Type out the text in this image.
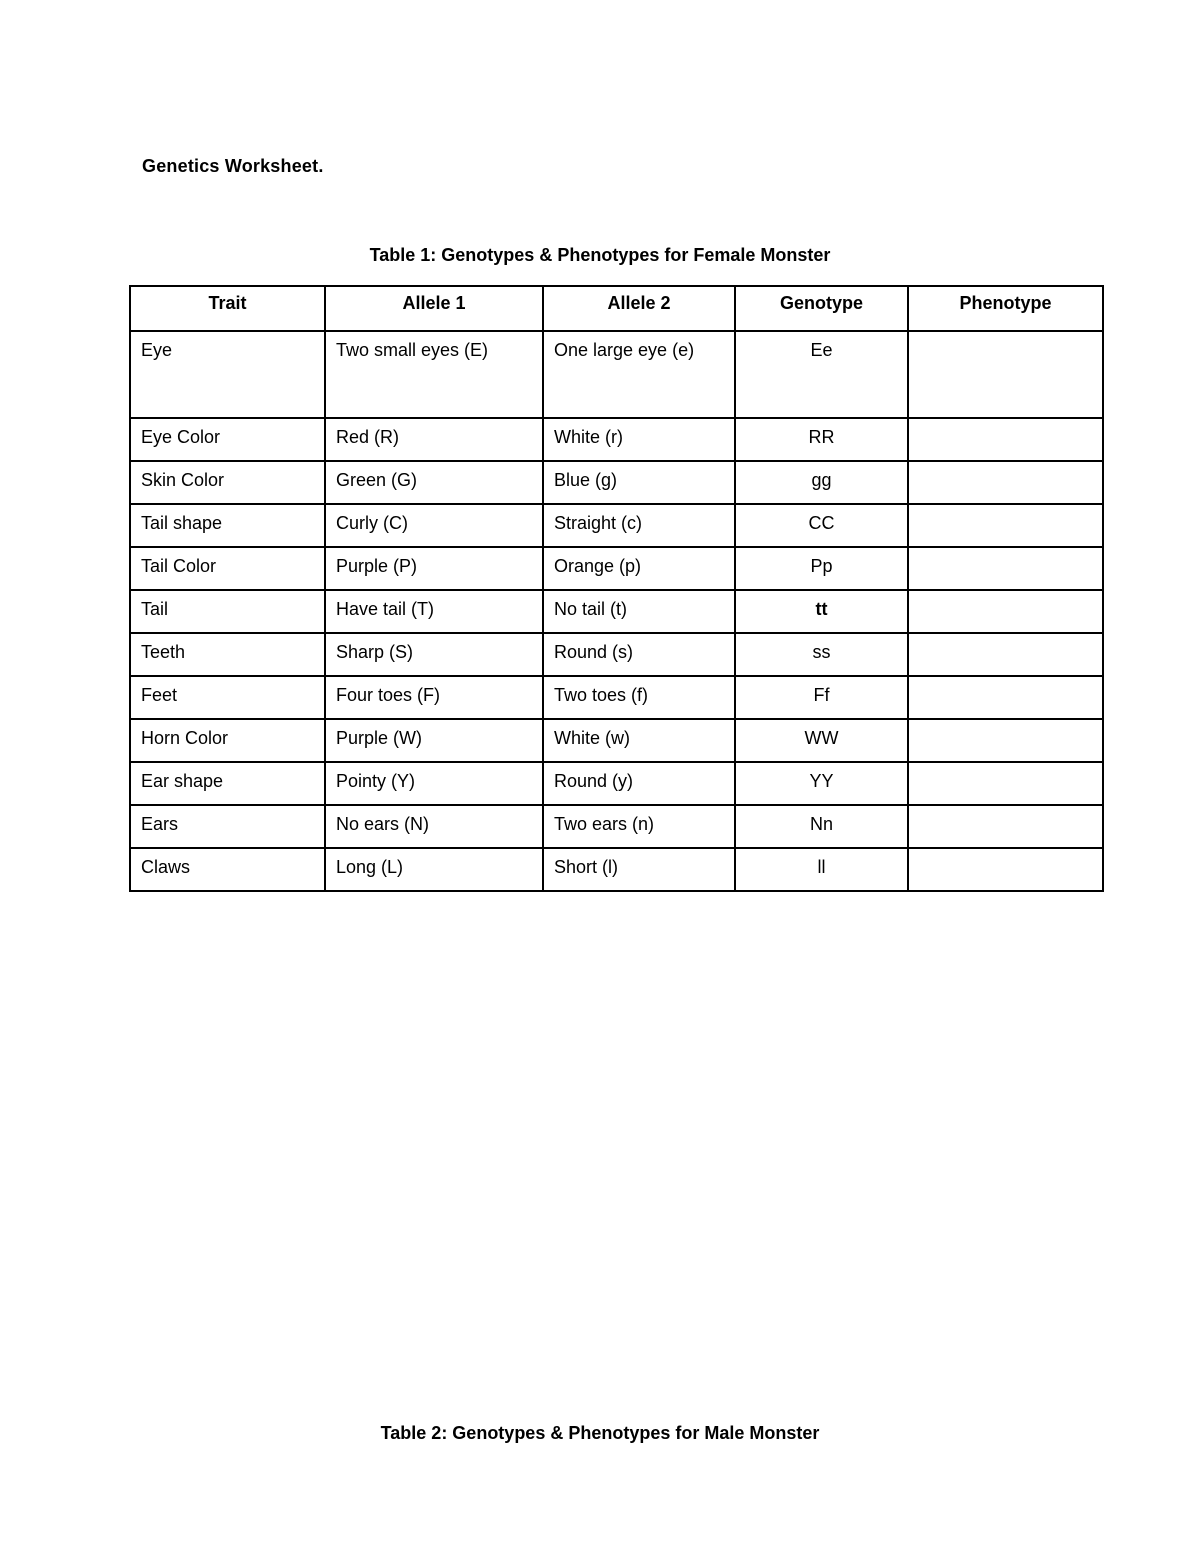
Genetics Worksheet.
Table 1: Genotypes & Phenotypes for Female Monster
Trait	Allele 1	Allele 2	Genotype	Phenotype
Eye	Two small eyes (E)	One large eye (e)	Ee	
Eye Color	Red (R)	White (r)	RR	
Skin Color	Green (G)	Blue (g)	gg	
Tail shape	Curly (C)	Straight (c)	CC	
Tail Color	Purple (P)	Orange (p)	Pp	
Tail	Have tail (T)	No tail (t)	tt	
Teeth	Sharp (S)	Round (s)	ss	
Feet	Four toes (F)	Two toes (f)	Ff	
Horn Color	Purple (W)	White (w)	WW	
Ear shape	Pointy (Y)	Round (y)	YY	
Ears	No ears (N)	Two ears (n)	Nn	
Claws	Long (L)	Short (l)	ll	
Table 2: Genotypes & Phenotypes for Male Monster
